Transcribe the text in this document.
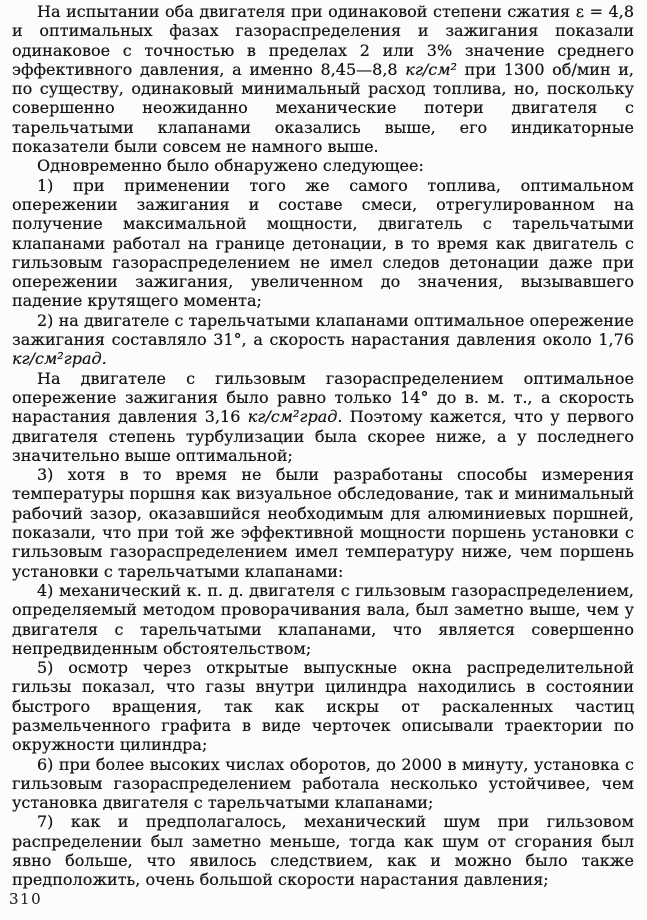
На испытании оба двигателя при одинаковой степени сжатия ε = 4,8 и оптимальных фазах газораспределения и зажигания показали одинаковое с точностью в пределах 2 или 3% значение среднего эффективного давления, а именно 8,45—8,8 кг/см² при 1300 об/мин и, по существу, одинаковый минимальный расход топлива, но, поскольку совершенно неожиданно механические потери двигателя с тарельчатыми клапанами оказались выше, его индикаторные показатели были совсем не намного выше.

Одновременно было обнаружено следующее:

1) при применении того же самого топлива, оптимальном опережении зажигания и составе смеси, отрегулированном на получение максимальной мощности, двигатель с тарельчатыми клапанами работал на границе детонации, в то время как двигатель с гильзовым газораспределением не имел следов детонации даже при опережении зажигания, увеличенном до значения, вызывавшего падение крутящего момента;

2) на двигателе с тарельчатыми клапанами оптимальное опережение зажигания составляло 31°, а скорость нарастания давления около 1,76 кг/см²град.

На двигателе с гильзовым газораспределением оптимальное опережение зажигания было равно только 14° до в. м. т., а скорость нарастания давления 3,16 кг/см²град. Поэтому кажется, что у первого двигателя степень турбулизации была скорее ниже, а у последнего значительно выше оптимальной;

3) хотя в то время не были разработаны способы измерения температуры поршня как визуальное обследование, так и минимальный рабочий зазор, оказавшийся необходимым для алюминиевых поршней, показали, что при той же эффективной мощности поршень установки с гильзовым газораспределением имел температуру ниже, чем поршень установки с тарельчатыми клапанами:

4) механический к. п. д. двигателя с гильзовым газораспределением, определяемый методом проворачивания вала, был заметно выше, чем у двигателя с тарельчатыми клапанами, что является совершенно непредвиденным обстоятельством;

5) осмотр через открытые выпускные окна распределительной гильзы показал, что газы внутри цилиндра находились в состоянии быстрого вращения, так как искры от раскаленных частиц размельченного графита в виде черточек описывали траектории по окружности цилиндра;

6) при более высоких числах оборотов, до 2000 в минуту, установка с гильзовым газораспределением работала несколько устойчивее, чем установка двигателя с тарельчатыми клапанами;

7) как и предполагалось, механический шум при гильзовом распределении был заметно меньше, тогда как шум от сгорания был явно больше, что явилось следствием, как и можно было также предположить, очень большой скорости нарастания давления;

310
